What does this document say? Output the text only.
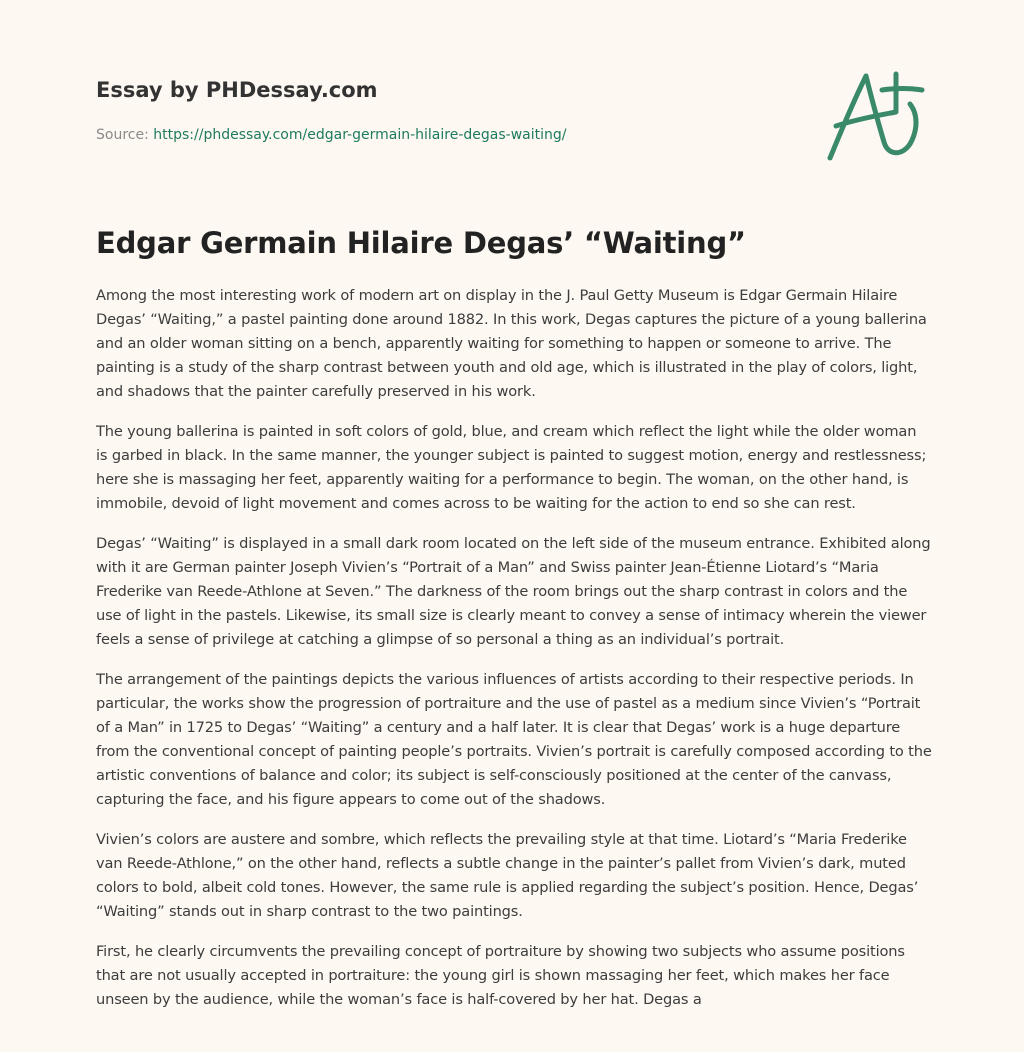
Essay by PHDessay.com
Source: https://phdessay.com/edgar-germain-hilaire-degas-waiting/
Edgar Germain Hilaire Degas’ “Waiting”

Among the most interesting work of modern art on display in the J. Paul Getty Museum is Edgar Germain Hilaire Degas’ “Waiting,” a pastel painting done around 1882. In this work, Degas captures the picture of a young ballerina and an older woman sitting on a bench, apparently waiting for something to happen or someone to arrive. The painting is a study of the sharp contrast between youth and old age, which is illustrated in the play of colors, light, and shadows that the painter carefully preserved in his work.

The young ballerina is painted in soft colors of gold, blue, and cream which reflect the light while the older woman is garbed in black. In the same manner, the younger subject is painted to suggest motion, energy and restlessness; here she is massaging her feet, apparently waiting for a performance to begin. The woman, on the other hand, is immobile, devoid of light movement and comes across to be waiting for the action to end so she can rest.

Degas’ “Waiting” is displayed in a small dark room located on the left side of the museum entrance. Exhibited along with it are German painter Joseph Vivien’s “Portrait of a Man” and Swiss painter Jean-Étienne Liotard’s “Maria Frederike van Reede-Athlone at Seven.” The darkness of the room brings out the sharp contrast in colors and the use of light in the pastels. Likewise, its small size is clearly meant to convey a sense of intimacy wherein the viewer feels a sense of privilege at catching a glimpse of so personal a thing as an individual’s portrait.

The arrangement of the paintings depicts the various influences of artists according to their respective periods. In particular, the works show the progression of portraiture and the use of pastel as a medium since Vivien’s “Portrait of a Man” in 1725 to Degas’ “Waiting” a century and a half later. It is clear that Degas’ work is a huge departure from the conventional concept of painting people’s portraits. Vivien’s portrait is carefully composed according to the artistic conventions of balance and color; its subject is self-consciously positioned at the center of the canvass, capturing the face, and his figure appears to come out of the shadows.

Vivien’s colors are austere and sombre, which reflects the prevailing style at that time. Liotard’s “Maria Frederike van Reede-Athlone,” on the other hand, reflects a subtle change in the painter’s pallet from Vivien’s dark, muted colors to bold, albeit cold tones. However, the same rule is applied regarding the subject’s position. Hence, Degas’ “Waiting” stands out in sharp contrast to the two paintings.

First, he clearly circumvents the prevailing concept of portraiture by showing two subjects who assume positions that are not usually accepted in portraiture: the young girl is shown massaging her feet, which makes her face unseen by the audience, while the woman’s face is half-covered by her hat. Degas a
